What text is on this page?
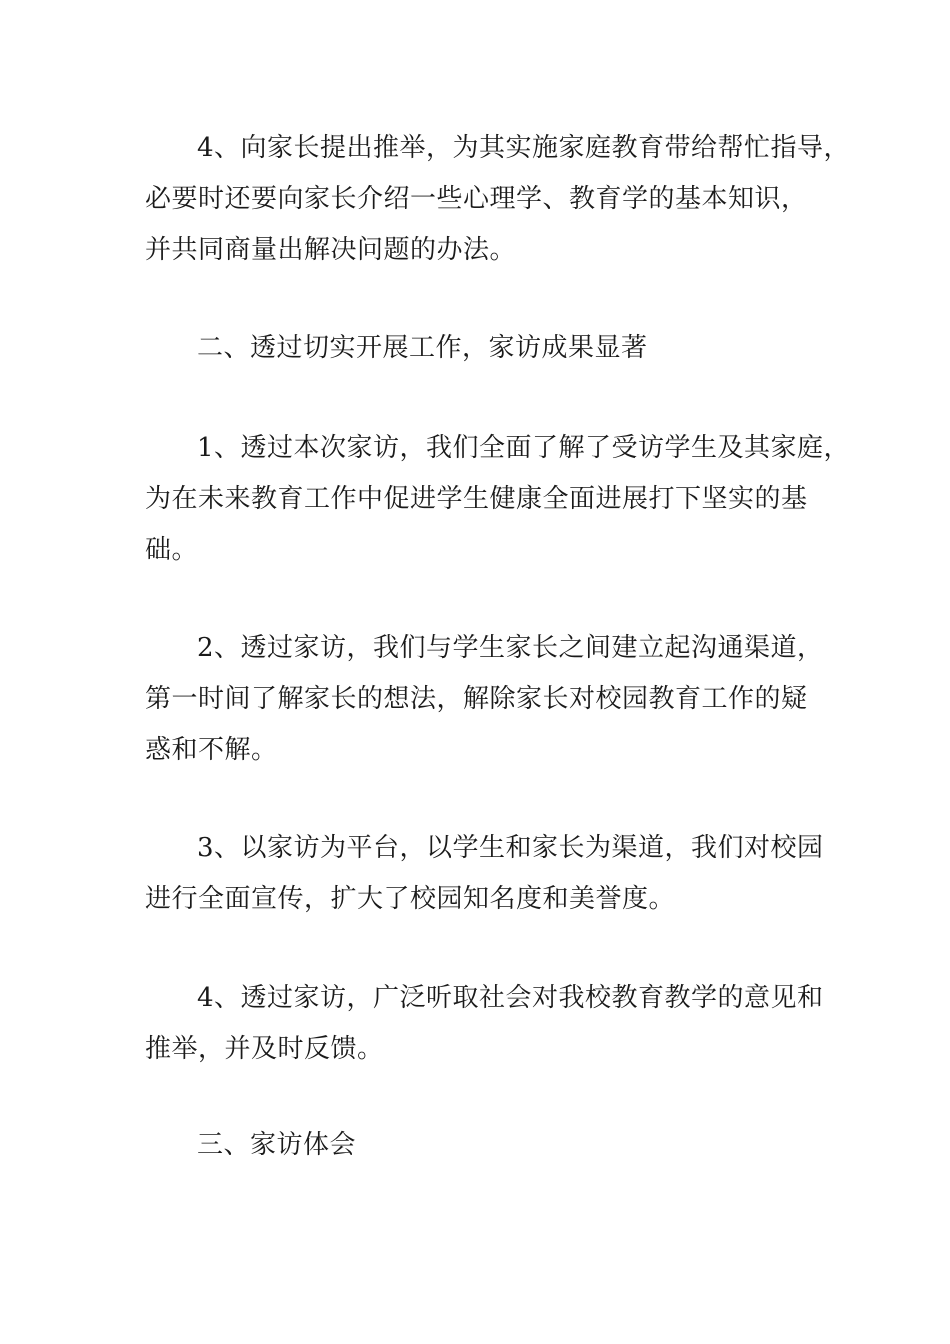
4、向家长提出推举，为其实施家庭教育带给帮忙指导，
必要时还要向家长介绍一些心理学、教育学的基本知识，
并共同商量出解决问题的办法。

二、透过切实开展工作，家访成果显著

1、透过本次家访，我们全面了解了受访学生及其家庭，
为在未来教育工作中促进学生健康全面进展打下坚实的基
础。

2、透过家访，我们与学生家长之间建立起沟通渠道，
第一时间了解家长的想法，解除家长对校园教育工作的疑
惑和不解。

3、以家访为平台，以学生和家长为渠道，我们对校园
进行全面宣传，扩大了校园知名度和美誉度。

4、透过家访，广泛听取社会对我校教育教学的意见和
推举，并及时反馈。

三、家访体会
